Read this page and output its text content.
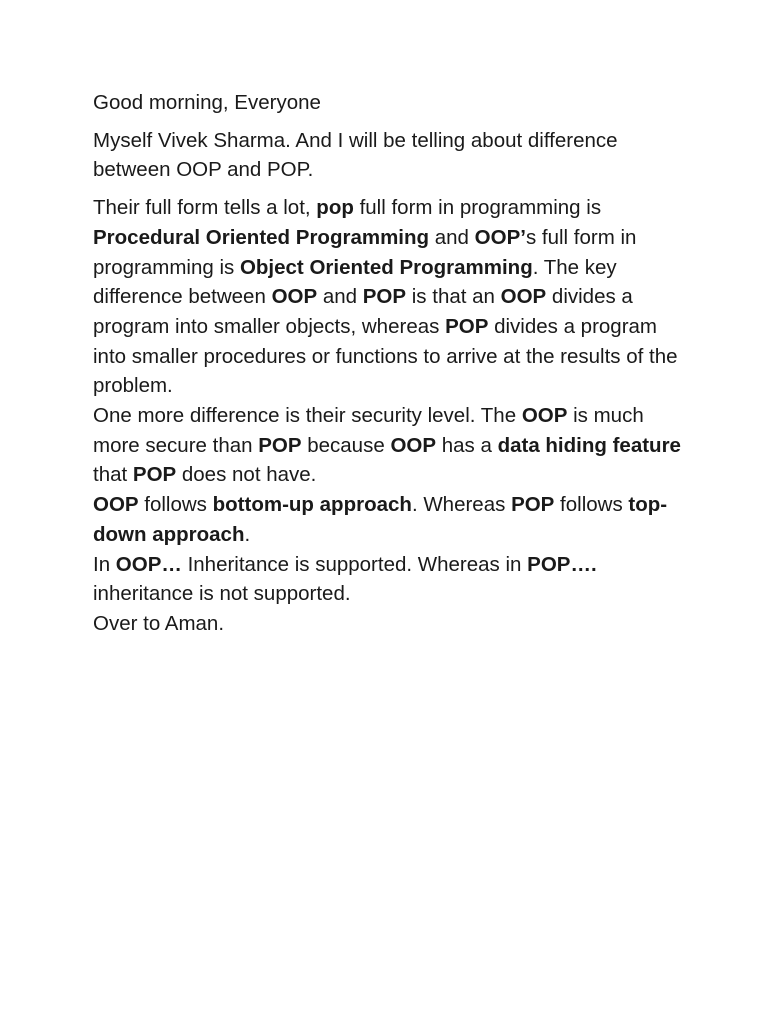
Good morning, Everyone

Myself Vivek Sharma. And I will be telling about difference between OOP and POP.

Their full form tells a lot, pop full form in programming is Procedural Oriented Programming and OOP’s full form in programming is Object Oriented Programming. The key difference between OOP and POP is that an OOP divides a program into smaller objects, whereas POP divides a program into smaller procedures or functions to arrive at the results of the problem.
One more difference is their security level. The OOP is much more secure than POP because OOP has a data hiding feature that POP does not have.
OOP follows bottom-up approach. Whereas POP follows top-down approach.
In OOP… Inheritance is supported. Whereas in POP…. inheritance is not supported.
Over to Aman.
